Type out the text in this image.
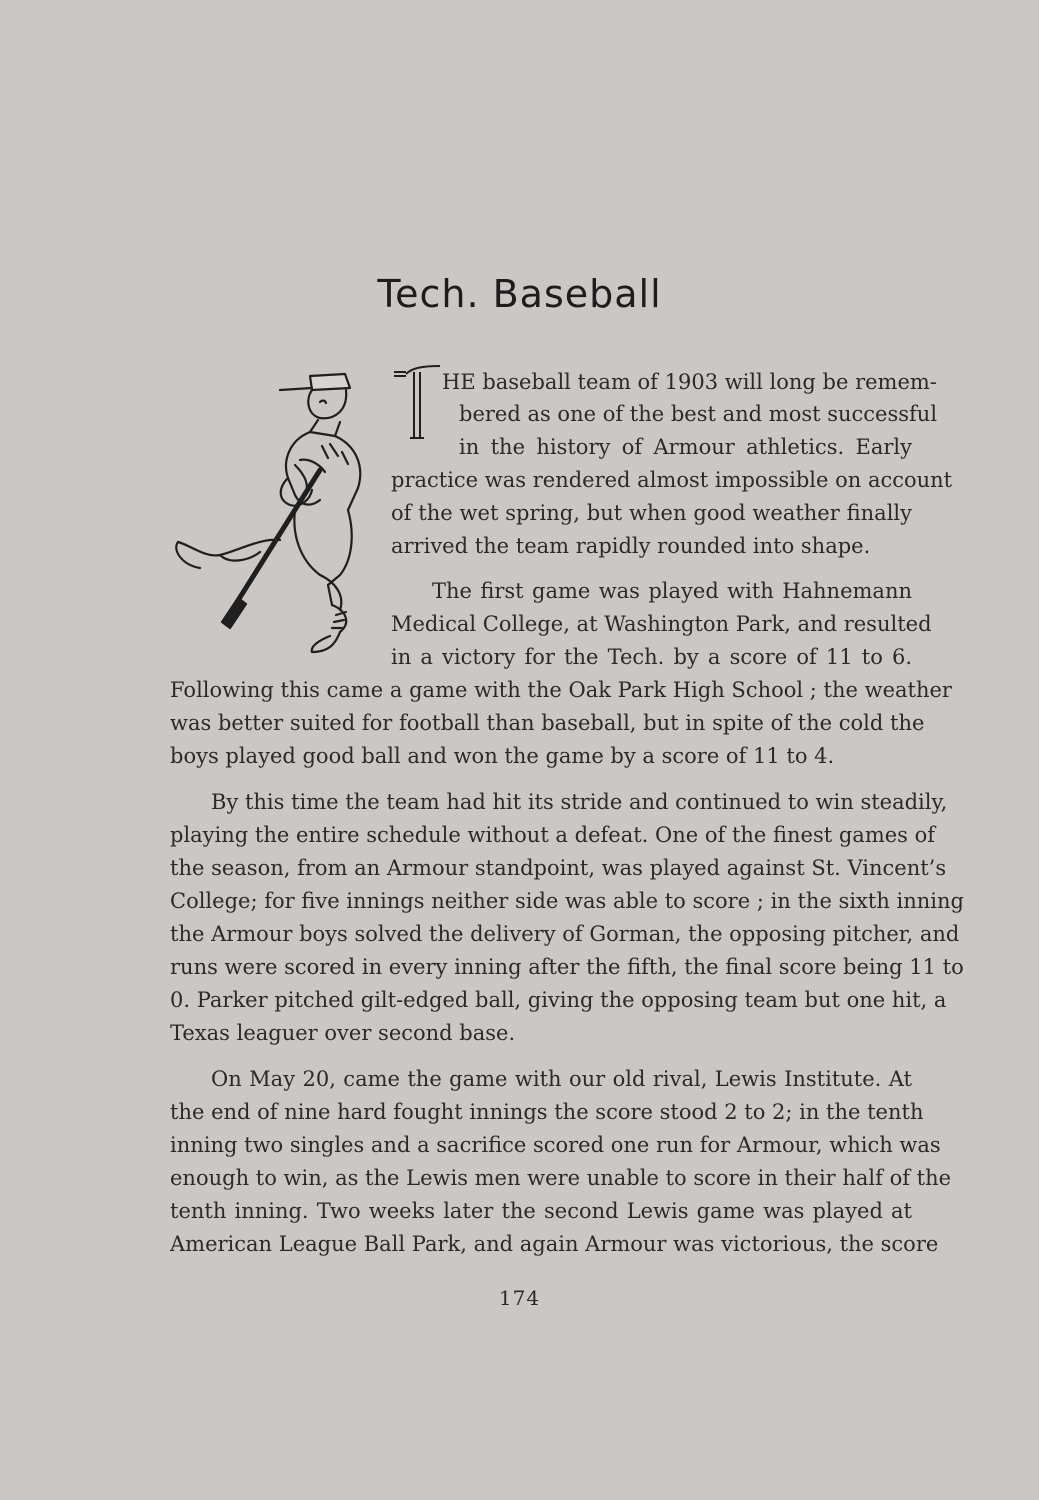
Tech. Baseball
HE baseball team of 1903 will long be remem-
bered as one of the best and most successful
in the history of Armour athletics. Early
practice was rendered almost impossible on account
of the wet spring, but when good weather finally
arrived the team rapidly rounded into shape.
The first game was played with Hahnemann
Medical College, at Washington Park, and resulted
in a victory for the Tech. by a score of 11 to 6.
Following this came a game with the Oak Park High School ; the weather
was better suited for football than baseball, but in spite of the cold the
boys played good ball and won the game by a score of 11 to 4.
By this time the team had hit its stride and continued to win steadily,
playing the entire schedule without a defeat. One of the finest games of
the season, from an Armour standpoint, was played against St. Vincent’s
College; for five innings neither side was able to score ; in the sixth inning
the Armour boys solved the delivery of Gorman, the opposing pitcher, and
runs were scored in every inning after the fifth, the final score being 11 to
0. Parker pitched gilt-edged ball, giving the opposing team but one hit, a
Texas leaguer over second base.
On May 20, came the game with our old rival, Lewis Institute. At
the end of nine hard fought innings the score stood 2 to 2; in the tenth
inning two singles and a sacrifice scored one run for Armour, which was
enough to win, as the Lewis men were unable to score in their half of the
tenth inning. Two weeks later the second Lewis game was played at
American League Ball Park, and again Armour was victorious, the score
174
